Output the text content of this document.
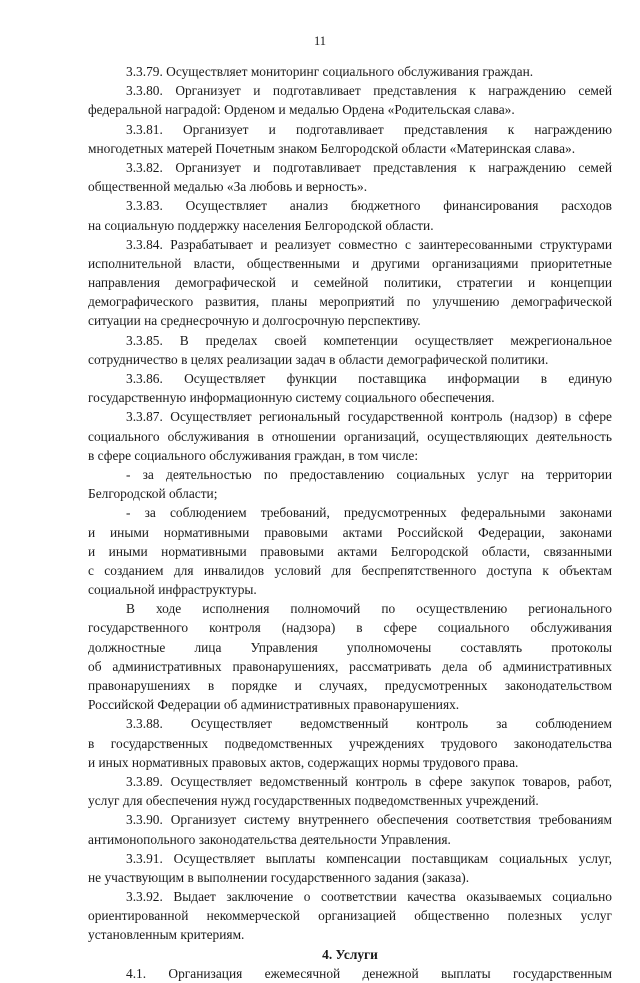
11
3.3.79. Осуществляет мониторинг социального обслуживания граждан.
3.3.80. Организует и подготавливает представления к награждению семей
федеральной наградой: Орденом и медалью Ордена «Родительская слава».
3.3.81. Организует и подготавливает представления к награждению
многодетных матерей Почетным знаком Белгородской области «Материнская слава».
3.3.82. Организует и подготавливает представления к награждению семей
общественной медалью «За любовь и верность».
3.3.83. Осуществляет анализ бюджетного финансирования расходов
на социальную поддержку населения Белгородской области.
3.3.84. Разрабатывает и реализует совместно с заинтересованными структурами
исполнительной власти, общественными и другими организациями приоритетные
направления демографической и семейной политики, стратегии и концепции
демографического развития, планы мероприятий по улучшению демографической
ситуации на среднесрочную и долгосрочную перспективу.
3.3.85. В пределах своей компетенции осуществляет межрегиональное
сотрудничество в целях реализации задач в области демографической политики.
3.3.86. Осуществляет функции поставщика информации в единую
государственную информационную систему социального обеспечения.
3.3.87. Осуществляет региональный государственной контроль (надзор) в сфере
социального обслуживания в отношении организаций, осуществляющих деятельность
в сфере социального обслуживания граждан, в том числе:
- за деятельностью по предоставлению социальных услуг на территории
Белгородской области;
- за соблюдением требований, предусмотренных федеральными законами
и иными нормативными правовыми актами Российской Федерации, законами
и иными нормативными правовыми актами Белгородской области, связанными
с созданием для инвалидов условий для беспрепятственного доступа к объектам
социальной инфраструктуры.
В ходе исполнения полномочий по осуществлению регионального
государственного контроля (надзора) в сфере социального обслуживания
должностные лица Управления уполномочены составлять протоколы
об административных правонарушениях, рассматривать дела об административных
правонарушениях в порядке и случаях, предусмотренных законодательством
Российской Федерации об административных правонарушениях.
3.3.88. Осуществляет ведомственный контроль за соблюдением
в государственных подведомственных учреждениях трудового законодательства
и иных нормативных правовых актов, содержащих нормы трудового права.
3.3.89. Осуществляет ведомственный контроль в сфере закупок товаров, работ,
услуг для обеспечения нужд государственных подведомственных учреждений.
3.3.90. Организует систему внутреннего обеспечения соответствия требованиям
антимонопольного законодательства деятельности Управления.
3.3.91. Осуществляет выплаты компенсации поставщикам социальных услуг,
не участвующим в выполнении государственного задания (заказа).
3.3.92. Выдает заключение о соответствии качества оказываемых социально
ориентированной некоммерческой организацией общественно полезных услуг
установленным критериям.
4. Услуги
4.1. Организация ежемесячной денежной выплаты государственным
